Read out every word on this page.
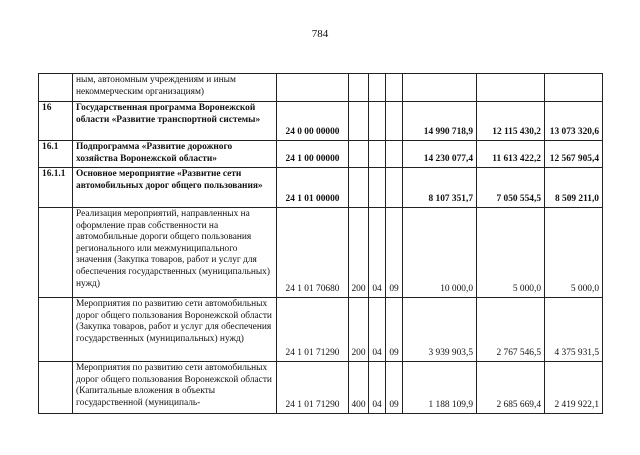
784
	ным, автономным учреждениям и иным некоммерческим организациям)							
16	Государственная программа Воронежской области «Развитие транспортной системы»	24 0 00 00000				14 990 718,9	12 115 430,2	13 073 320,6
16.1	Подпрограмма «Развитие дорожного хозяйства Воронежской области»	24 1 00 00000				14 230 077,4	11 613 422,2	12 567 905,4
16.1.1	Основное мероприятие «Развитие сети автомобильных дорог общего пользования»	24 1 01 00000				8 107 351,7	7 050 554,5	8 509 211,0
	Реализация мероприятий, направленных на оформление прав собственности на автомобильные дороги общего пользования регионального или межмуниципального значения (Закупка товаров, работ и услуг для обеспечения государственных (муниципальных) нужд)	24 1 01 70680	200	04	09	10 000,0	5 000,0	5 000,0
	Мероприятия по развитию сети автомобильных дорог общего пользования Воронежской области (Закупка товаров, работ и услуг для обеспечения государственных (муниципальных) нужд)	24 1 01 71290	200	04	09	3 939 903,5	2 767 546,5	4 375 931,5
	Мероприятия по развитию сети автомобильных дорог общего пользования Воронежской области (Капитальные вложения в объекты государственной (муниципаль-	24 1 01 71290	400	04	09	1 188 109,9	2 685 669,4	2 419 922,1
